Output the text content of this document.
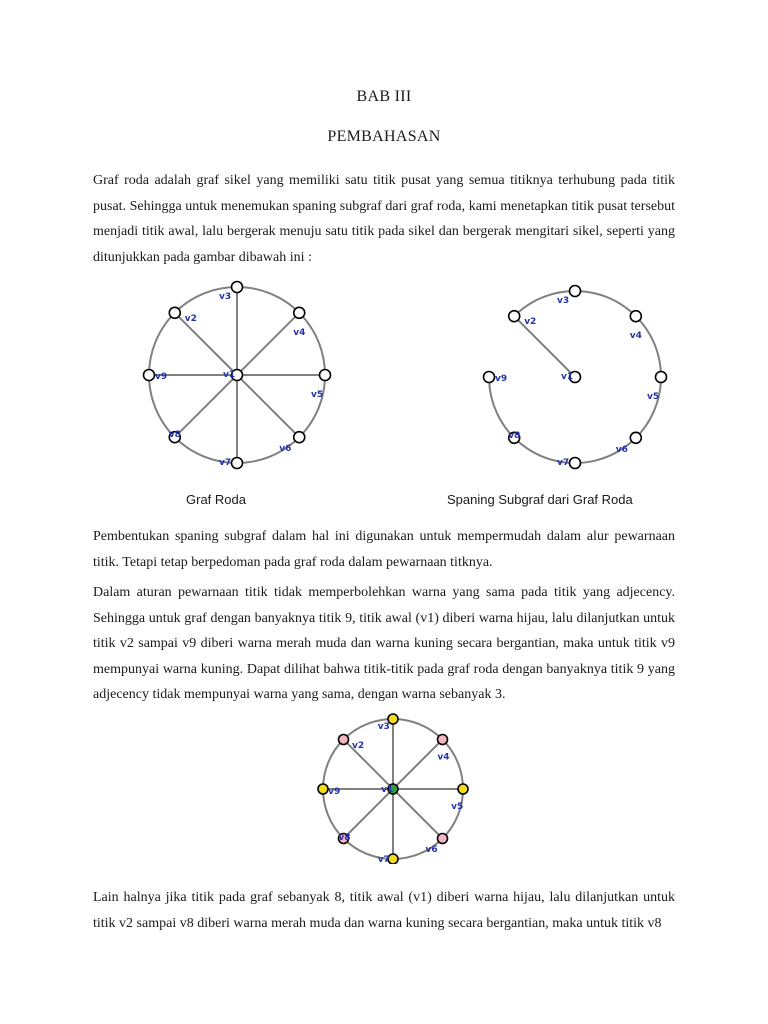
BAB III
PEMBAHASAN
Graf roda adalah graf sikel yang memiliki satu titik pusat yang semua titiknya terhubung pada titik pusat. Sehingga untuk menemukan spaning subgraf dari graf roda, kami menetapkan titik pusat tersebut menjadi titik awal, lalu bergerak menuju satu titik pada sikel dan bergerak mengitari sikel, seperti yang ditunjukkan pada gambar dibawah ini :
v1
v2
v3
v4
v5
v6
v7
v8
v9	v1
v2
v3
v4
v5
v6
v7
v8
v9
Graf Roda	Spaning Subgraf dari Graf Roda
Pembentukan spaning subgraf dalam hal ini digunakan untuk mempermudah dalam alur pewarnaan titik. Tetapi tetap berpedoman pada graf roda dalam pewarnaan titknya.
Dalam aturan pewarnaan titik tidak memperbolehkan warna yang sama pada titik yang adjecency. Sehingga untuk graf dengan banyaknya titik 9, titik awal (v1) diberi warna hijau, lalu dilanjutkan untuk titik v2 sampai v9 diberi warna merah muda dan warna kuning secara bergantian, maka untuk titik v9 mempunyai warna kuning. Dapat dilihat bahwa titik-titik pada graf roda dengan banyaknya titik 9 yang adjecency tidak mempunyai warna yang sama, dengan warna sebanyak 3.
v1
v2
v3
v4
v5
v6
v7
v8
v9
Lain halnya jika titik pada graf sebanyak 8, titik awal (v1) diberi warna hijau, lalu dilanjutkan untuk titik v2 sampai v8 diberi warna merah muda dan warna kuning secara bergantian, maka untuk titik v8
